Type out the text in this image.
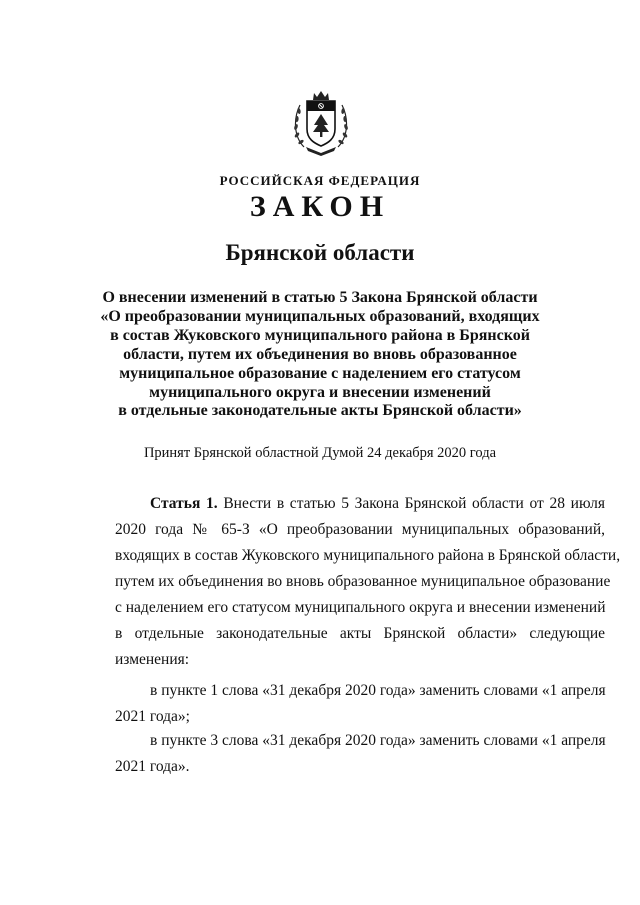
РОССИЙСКАЯ ФЕДЕРАЦИЯ
ЗАКОН
Брянской области
О внесении изменений в статью 5 Закона Брянской области
«О преобразовании муниципальных образований, входящих
в состав Жуковского муниципального района в Брянской
области, путем их объединения во вновь образованное
муниципальное образование с наделением его статусом
муниципального округа и внесении изменений
в отдельные законодательные акты Брянской области»
Принят Брянской областной Думой 24 декабря 2020 года
Статья 1. Внести в статью 5 Закона Брянской области от 28 июля
2020 года № 65-З «О преобразовании муниципальных образований,
входящих в состав Жуковского муниципального района в Брянской области,
путем их объединения во вновь образованное муниципальное образование
с наделением его статусом муниципального округа и внесении изменений
в отдельные законодательные акты Брянской области» следующие
изменения:
в пункте 1 слова «31 декабря 2020 года» заменить словами «1 апреля
2021 года»;
в пункте 3 слова «31 декабря 2020 года» заменить словами «1 апреля
2021 года».
